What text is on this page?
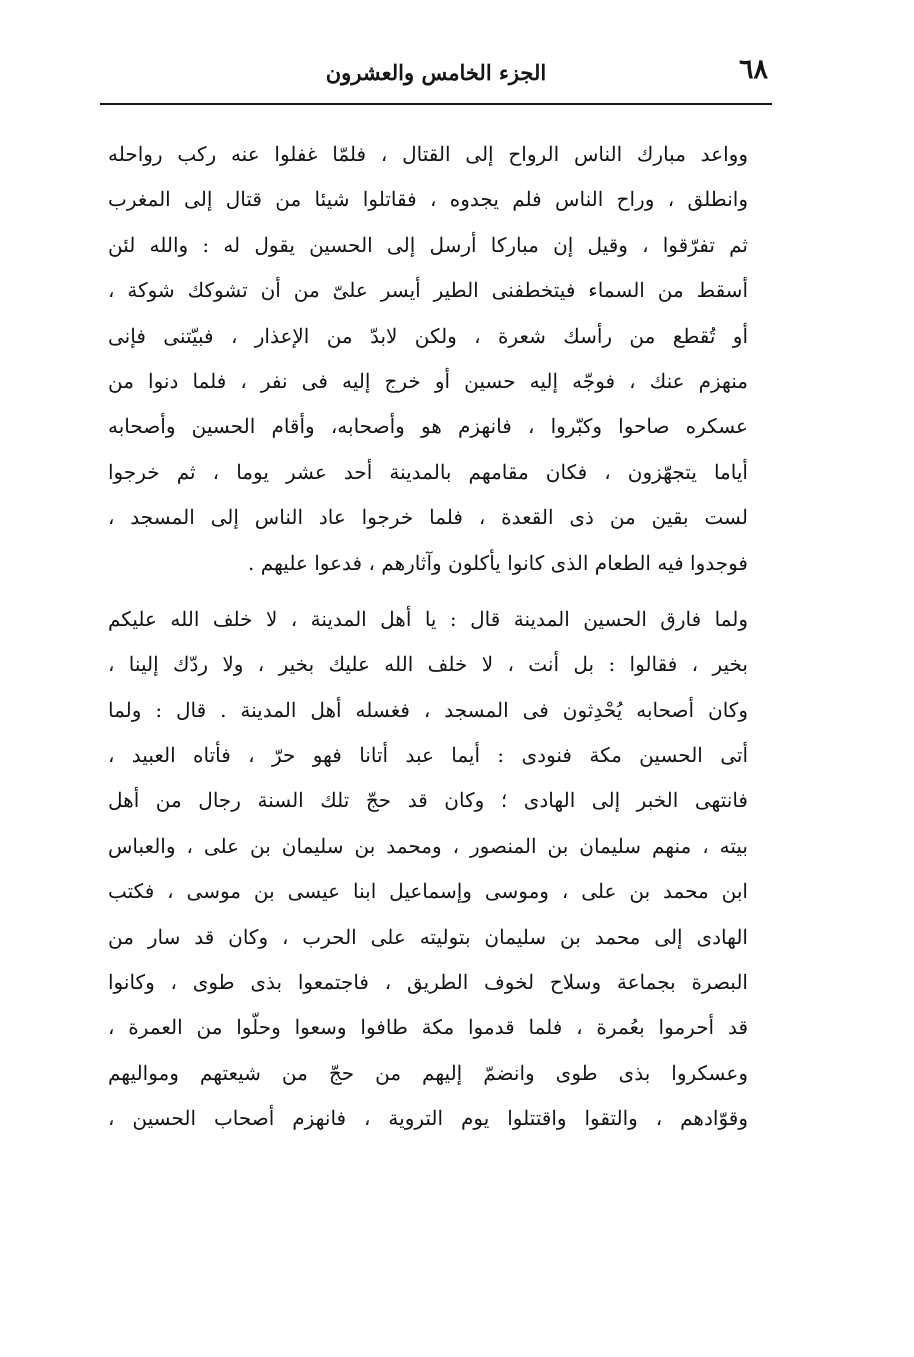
٦٨
الجزء الخامس والعشرون

وواعد مبارك الناس الرواح إلى القتال ، فلمّا غفلوا عنه ركب رواحله
وانطلق ، وراح الناس فلم يجدوه ، فقاتلوا شيئا من قتال إلى المغرب
ثم تفرّقوا ، وقيل إن مباركا أرسل إلى الحسين يقول له : والله لئن
أسقط من السماء فيتخطفنى الطير أيسر علىّ من أن تشوكك شوكة ،
أو تُقطع من رأسك شعرة ، ولكن لابدّ من الإعذار ، فبيّتنى فإنى
منهزم عنك ، فوجّه إليه حسين أو خرج إليه فى نفر ، فلما دنوا من
عسكره صاحوا وكبّروا ، فانهزم هو وأصحابه، وأقام الحسين وأصحابه
أياما يتجهّزون ، فكان مقامهم بالمدينة أحد عشر يوما ، ثم خرجوا
لست بقين من ذى القعدة ، فلما خرجوا عاد الناس إلى المسجد ،
فوجدوا فيه الطعام الذى كانوا يأكلون وآثارهم ، فدعوا عليهم .

ولما فارق الحسين المدينة قال : يا أهل المدينة ، لا خلف الله عليكم
بخير ، فقالوا : بل أنت ، لا خلف الله عليك بخير ، ولا ردّك إلينا ،
وكان أصحابه يُحْدِثون فى المسجد ، فغسله أهل المدينة . قال : ولما
أتى الحسين مكة فنودى : أيما عبد أتانا فهو حرّ ، فأتاه العبيد ،
فانتهى الخبر إلى الهادى ؛ وكان قد حجّ تلك السنة رجال من أهل
بيته ، منهم سليمان بن المنصور ، ومحمد بن سليمان بن على ، والعباس
ابن محمد بن على ، وموسى وإسماعيل ابنا عيسى بن موسى ، فكتب
الهادى إلى محمد بن سليمان بتوليته على الحرب ، وكان قد سار من
البصرة بجماعة وسلاح لخوف الطريق ، فاجتمعوا بذى طوى ، وكانوا
قد أحرموا بعُمرة ، فلما قدموا مكة طافوا وسعوا وحلّوا من العمرة ،
وعسكروا بذى طوى وانضمّ إليهم من حجّ من شيعتهم ومواليهم
وقوّادهم ، والتقوا واقتتلوا يوم التروية ، فانهزم أصحاب الحسين ،
